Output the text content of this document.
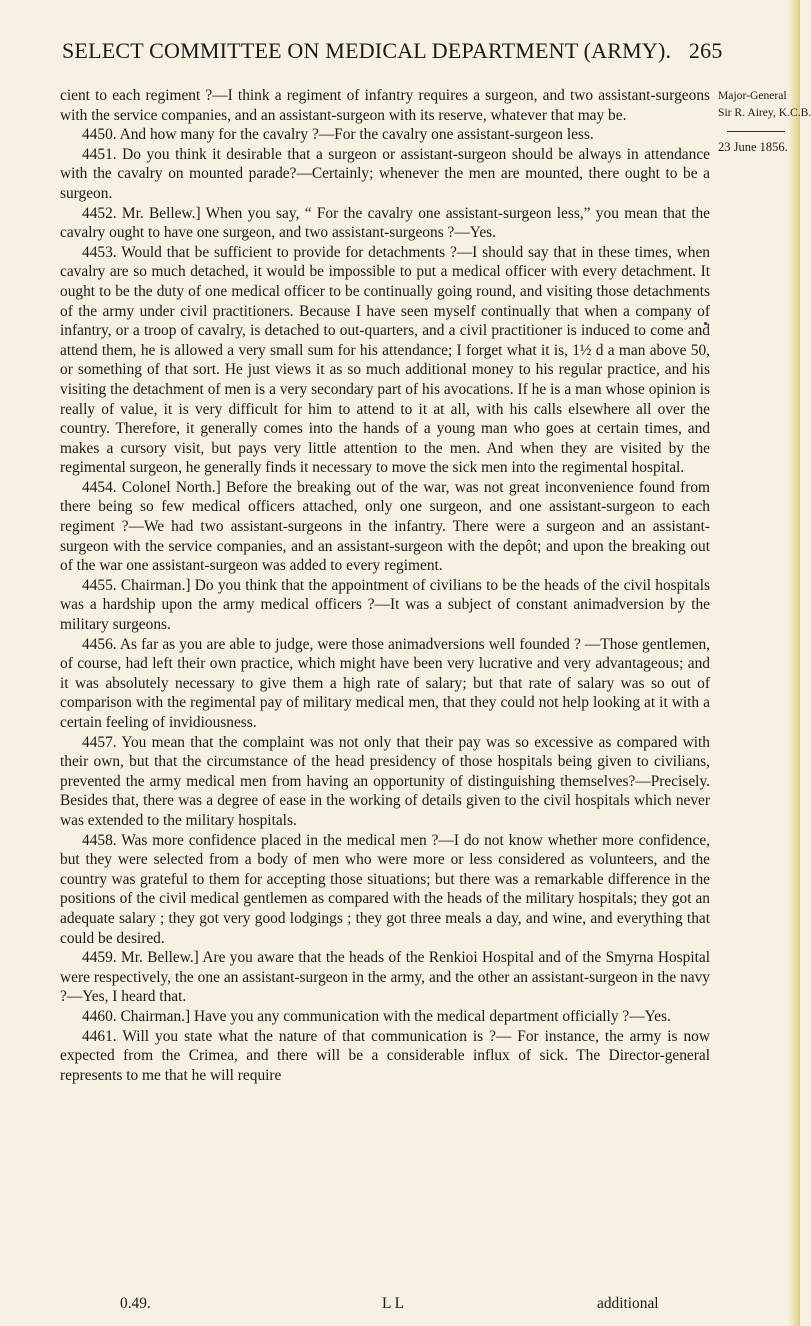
SELECT COMMITTEE ON MEDICAL DEPARTMENT (ARMY). 265
Major-General
Sir R. Airey, K.C.B.
23 June 1856.

cient to each regiment ?—I think a regiment of infantry requires a surgeon, and two assistant-surgeons with the service companies, and an assistant-surgeon with its reserve, whatever that may be.

4450. And how many for the cavalry ?—For the cavalry one assistant-surgeon less.

4451. Do you think it desirable that a surgeon or assistant-surgeon should be always in attendance with the cavalry on mounted parade?—Certainly; whenever the men are mounted, there ought to be a surgeon.

4452. Mr. Bellew.] When you say, “ For the cavalry one assistant-surgeon less,” you mean that the cavalry ought to have one surgeon, and two assistant-surgeons ?—Yes.

4453. Would that be sufficient to provide for detachments ?—I should say that in these times, when cavalry are so much detached, it would be impossible to put a medical officer with every detachment. It ought to be the duty of one medical officer to be continually going round, and visiting those detachments of the army under civil practitioners. Because I have seen myself continually that when a company of infantry, or a troop of cavalry, is detached to out-quarters, and a civil practitioner is induced to come and attend them, he is allowed a very small sum for his attendance; I forget what it is, 1½ d a man above 50, or something of that sort. He just views it as so much additional money to his regular practice, and his visiting the detachment of men is a very secondary part of his avocations. If he is a man whose opinion is really of value, it is very difficult for him to attend to it at all, with his calls elsewhere all over the country. Therefore, it generally comes into the hands of a young man who goes at certain times, and makes a cursory visit, but pays very little attention to the men. And when they are visited by the regimental surgeon, he generally finds it necessary to move the sick men into the regimental hospital.

4454. Colonel North.] Before the breaking out of the war, was not great inconvenience found from there being so few medical officers attached, only one surgeon, and one assistant-surgeon to each regiment ?—We had two assistant-surgeons in the infantry. There were a surgeon and an assistant-surgeon with the service companies, and an assistant-surgeon with the depôt; and upon the breaking out of the war one assistant-surgeon was added to every regiment.

4455. Chairman.] Do you think that the appointment of civilians to be the heads of the civil hospitals was a hardship upon the army medical officers ?—It was a subject of constant animadversion by the military surgeons.

4456. As far as you are able to judge, were those animadversions well founded ? —Those gentlemen, of course, had left their own practice, which might have been very lucrative and very advantageous; and it was absolutely necessary to give them a high rate of salary; but that rate of salary was so out of comparison with the regimental pay of military medical men, that they could not help looking at it with a certain feeling of invidiousness.

4457. You mean that the complaint was not only that their pay was so excessive as compared with their own, but that the circumstance of the head presidency of those hospitals being given to civilians, prevented the army medical men from having an opportunity of distinguishing themselves?—Precisely. Besides that, there was a degree of ease in the working of details given to the civil hospitals which never was extended to the military hospitals.

4458. Was more confidence placed in the medical men ?—I do not know whether more confidence, but they were selected from a body of men who were more or less considered as volunteers, and the country was grateful to them for accepting those situations; but there was a remarkable difference in the positions of the civil medical gentlemen as compared with the heads of the military hospitals; they got an adequate salary ; they got very good lodgings ; they got three meals a day, and wine, and everything that could be desired.

4459. Mr. Bellew.] Are you aware that the heads of the Renkioi Hospital and of the Smyrna Hospital were respectively, the one an assistant-surgeon in the army, and the other an assistant-surgeon in the navy ?—Yes, I heard that.

4460. Chairman.] Have you any communication with the medical department officially ?—Yes.

4461. Will you state what the nature of that communication is ?— For instance, the army is now expected from the Crimea, and there will be a considerable influx of sick. The Director-general represents to me that he will require

0.49.	L L	additional
